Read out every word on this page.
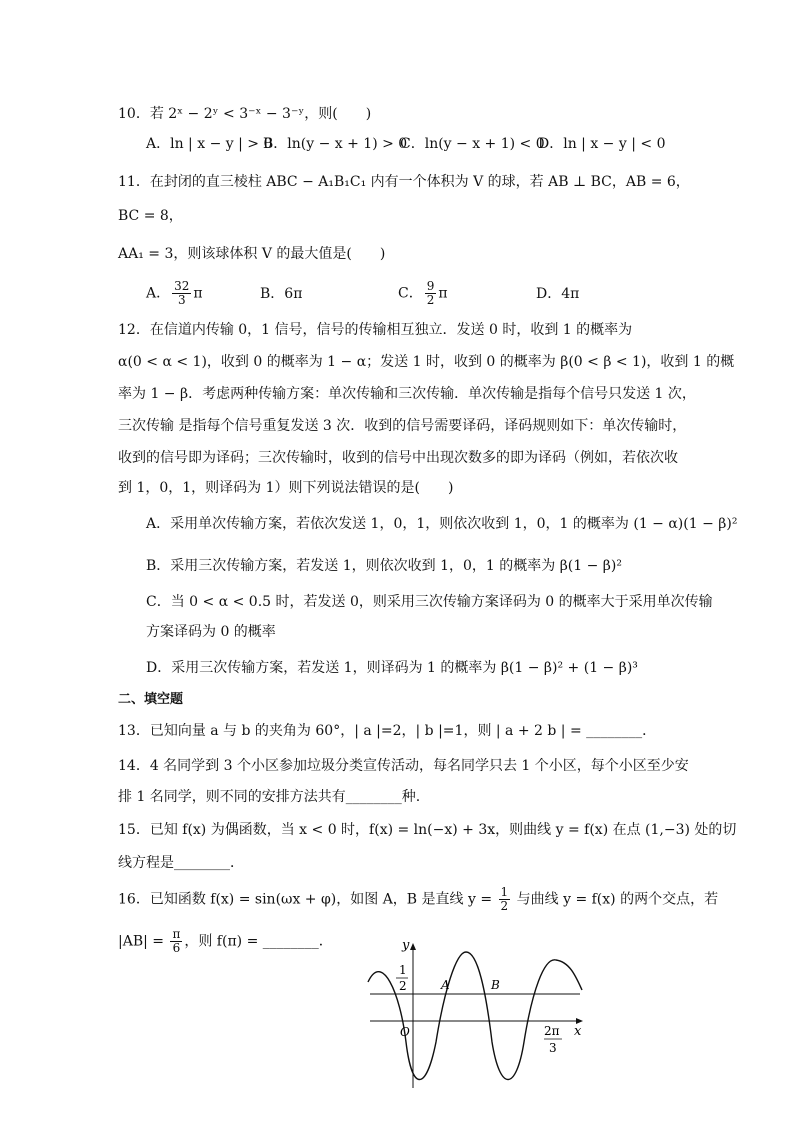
10．若 2ˣ − 2ʸ < 3⁻ˣ − 3⁻ʸ，则(　　)
A．ln | x − y | > 0
B．ln(y − x + 1) > 0
C．ln(y − x + 1) < 0
D．ln | x − y | < 0
11．在封闭的直三棱柱 ABC − A₁B₁C₁ 内有一个体积为 V 的球，若 AB ⊥ BC，AB = 6，
BC = 8，
AA₁ = 3，则该球体积 V 的最大值是(　　)
A． $\frac{32}{3}$ π	B．6π	C． $\frac{9}{2}$ π	D．4π
12．在信道内传输 0，1 信号，信号的传输相互独立．发送 0 时，收到 1 的概率为
α(0 < α < 1)，收到 0 的概率为 1 − α；发送 1 时，收到 0 的概率为 β(0 < β < 1)，收到 1 的概
率为 1 − β．考虑两种传输方案：单次传输和三次传输．单次传输是指每个信号只发送 1 次，
三次传输 是指每个信号重复发送 3 次．收到的信号需要译码，译码规则如下：单次传输时，
收到的信号即为译码；三次传输时，收到的信号中出现次数多的即为译码（例如，若依次收
到 1，0，1，则译码为 1）则下列说法错误的是(　　)
A．采用单次传输方案，若依次发送 1，0，1，则依次收到 1，0，1 的概率为 (1 − α)(1 − β)²
B．采用三次传输方案，若发送 1，则依次收到 1，0，1 的概率为 β(1 − β)²
C．当 0 < α < 0.5 时，若发送 0，则采用三次传输方案译码为 0 的概率大于采用单次传输
方案译码为 0 的概率
D．采用三次传输方案，若发送 1，则译码为 1 的概率为 β(1 − β)² + (1 − β)³
二、填空题
13．已知向量 a 与 b 的夹角为 60°，| a |=2，| b |=1，则 | a + 2 b | = ________．
14．4 名同学到 3 个小区参加垃圾分类宣传活动，每名同学只去 1 个小区，每个小区至少安
排 1 名同学，则不同的安排方法共有________种.
15．已知 f(x) 为偶函数，当 x < 0 时，f(x) = ln(−x) + 3x，则曲线 y = f(x) 在点 (1,−3) 处的切
线方程是________．
16．已知函数 f(x) = sin(ωx + φ)，如图 A，B 是直线 $y = \frac{1}{2}$ 与曲线 y = f(x) 的两个交点，若
$|AB| = \frac{\pi}{6}$ ，则 f(π) = ________．	y
x
O
1
2	A	B
2π
3
